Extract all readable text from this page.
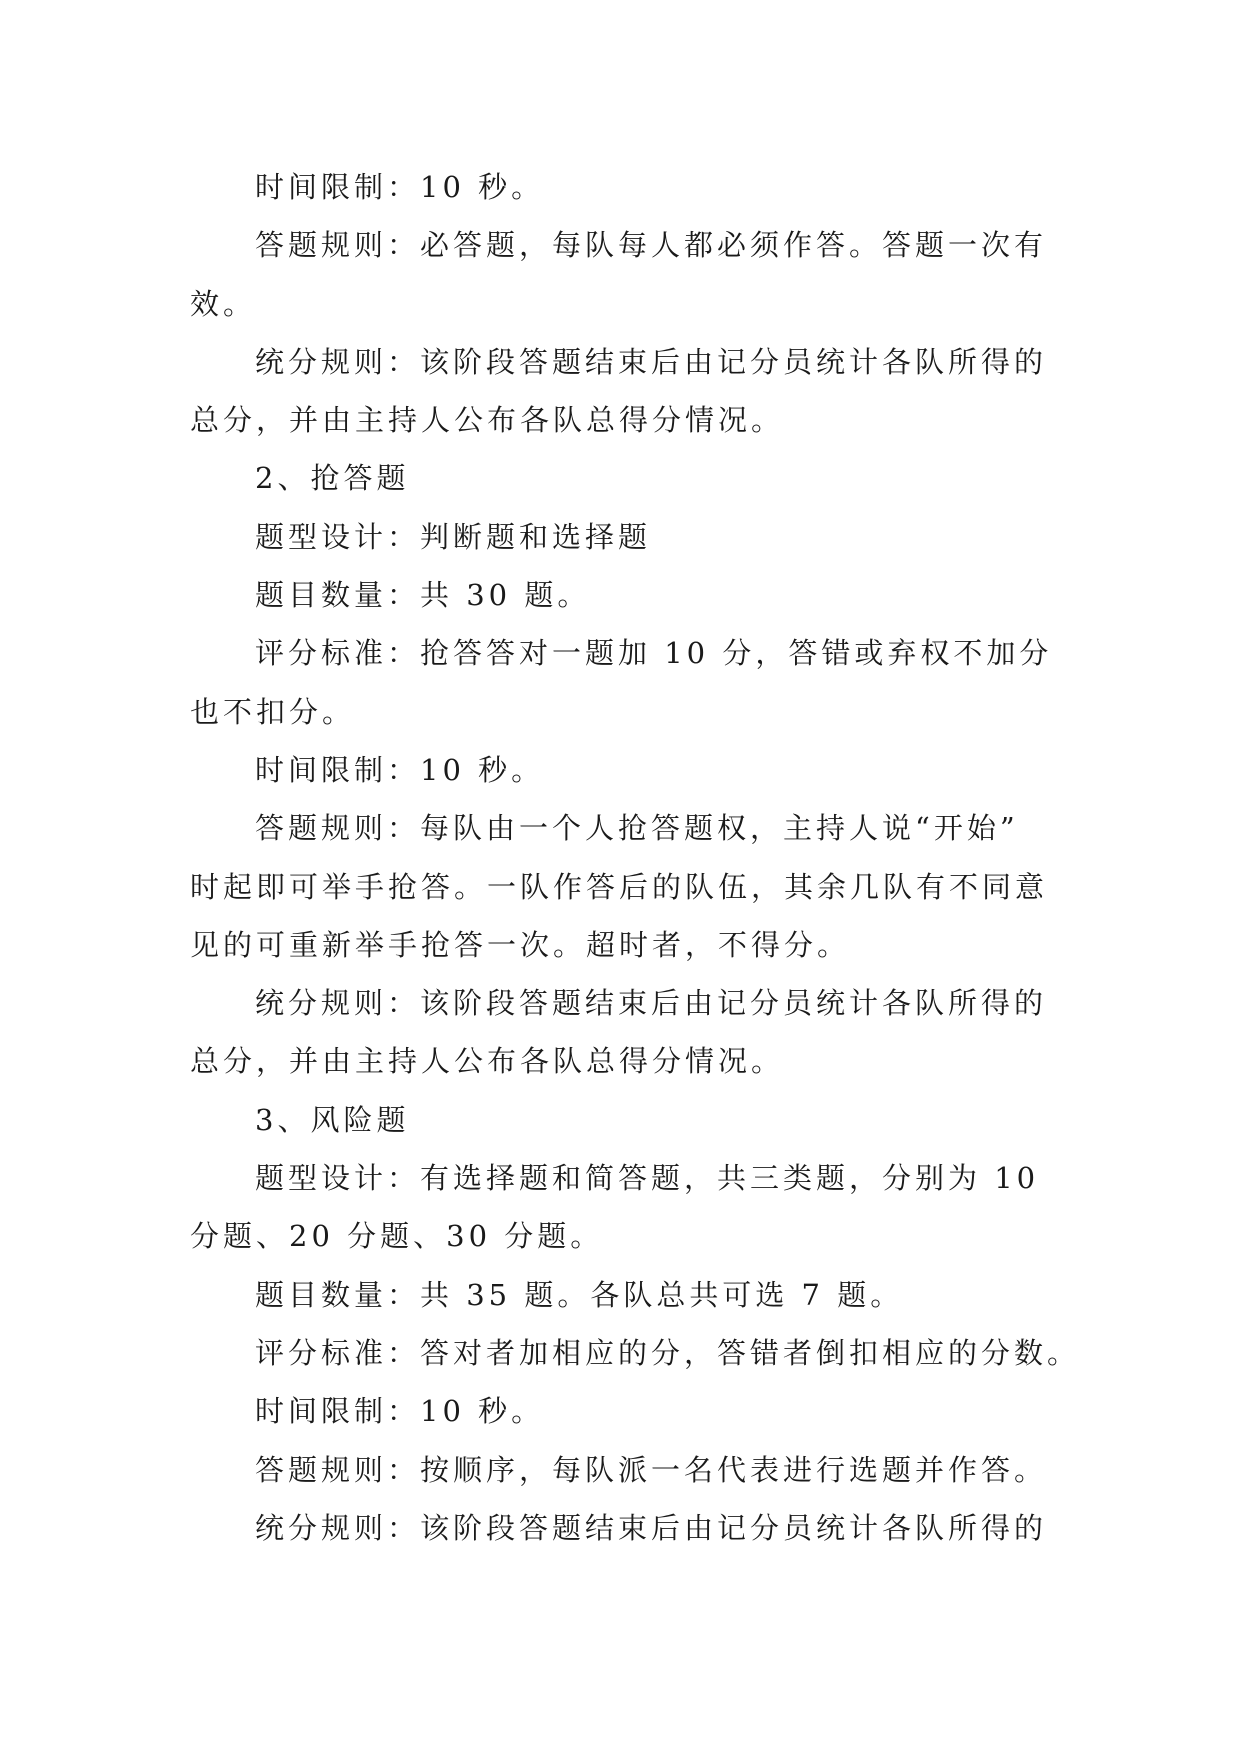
时间限制：10 秒。
答题规则：必答题，每队每人都必须作答。答题一次有
效。
统分规则：该阶段答题结束后由记分员统计各队所得的
总分，并由主持人公布各队总得分情况。
2、抢答题
题型设计：判断题和选择题
题目数量：共 30 题。
评分标准：抢答答对一题加 10 分，答错或弃权不加分
也不扣分。
时间限制：10 秒。
答题规则：每队由一个人抢答题权，主持人说“开始”
时起即可举手抢答。一队作答后的队伍，其余几队有不同意
见的可重新举手抢答一次。超时者，不得分。
统分规则：该阶段答题结束后由记分员统计各队所得的
总分，并由主持人公布各队总得分情况。
3、风险题
题型设计：有选择题和简答题，共三类题，分别为 10
分题、20 分题、30 分题。
题目数量：共 35 题。各队总共可选 7 题。
评分标准：答对者加相应的分，答错者倒扣相应的分数。
时间限制：10 秒。
答题规则：按顺序，每队派一名代表进行选题并作答。
统分规则：该阶段答题结束后由记分员统计各队所得的
